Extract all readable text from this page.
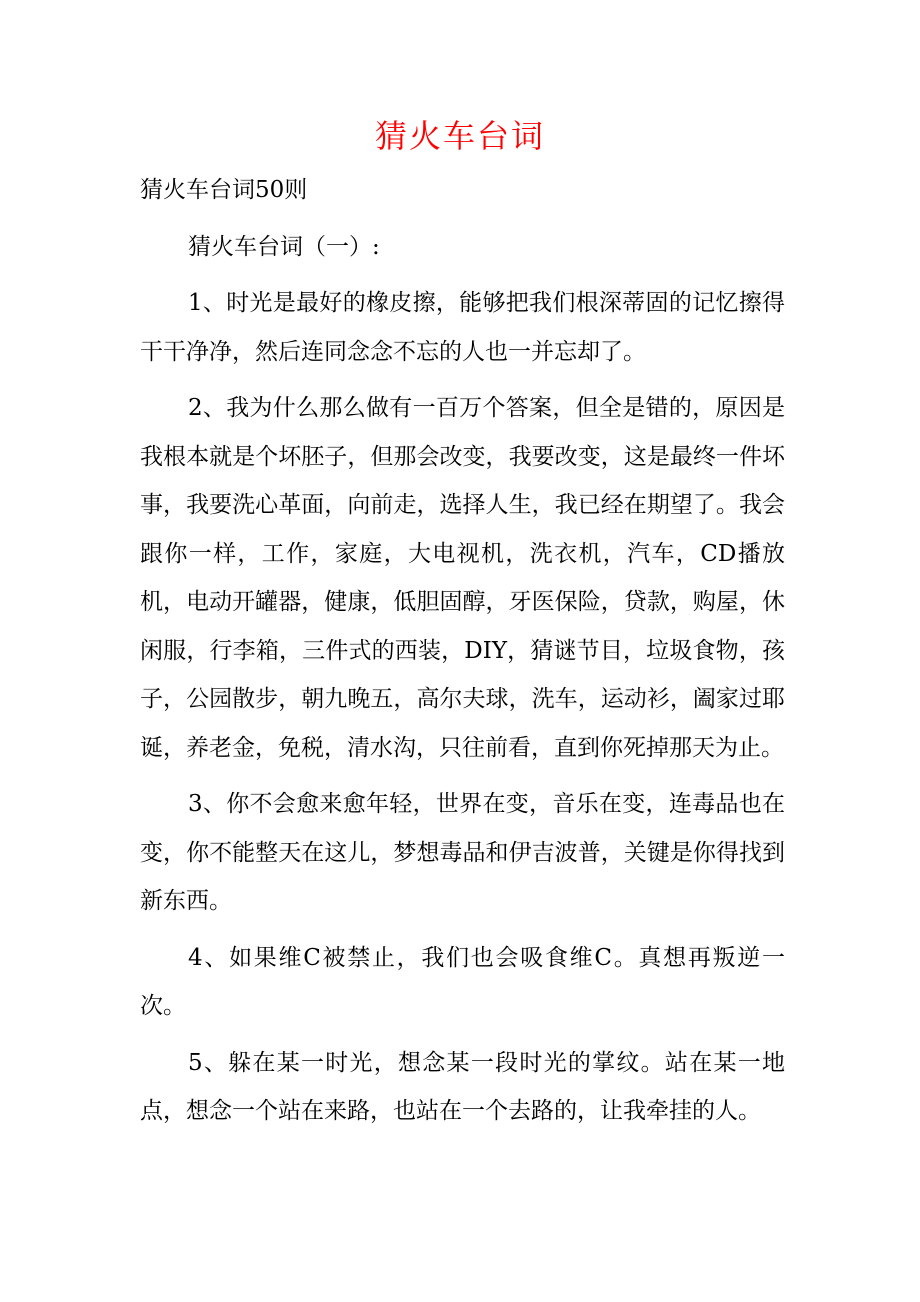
猜火车台词

猜火车台词50则

猜火车台词（一）:

1、时光是最好的橡皮擦，能够把我们根深蒂固的记忆擦得干干净净，然后连同念念不忘的人也一并忘却了。

2、我为什么那么做有一百万个答案，但全是错的，原因是我根本就是个坏胚子，但那会改变，我要改变，这是最终一件坏事，我要洗心革面，向前走，选择人生，我已经在期望了。我会跟你一样，工作，家庭，大电视机，洗衣机，汽车，CD播放机，电动开罐器，健康，低胆固醇，牙医保险，贷款，购屋，休闲服，行李箱，三件式的西装，DIY，猜谜节目，垃圾食物，孩子，公园散步，朝九晚五，高尔夫球，洗车，运动衫，阖家过耶诞，养老金，免税，清水沟，只往前看，直到你死掉那天为止。

3、你不会愈来愈年轻，世界在变，音乐在变，连毒品也在变，你不能整天在这儿，梦想毒品和伊吉波普，关键是你得找到新东西。

4、如果维C被禁止，我们也会吸食维C。真想再叛逆一次。

5、躲在某一时光，想念某一段时光的掌纹。站在某一地点，想念一个站在来路，也站在一个去路的，让我牵挂的人。
